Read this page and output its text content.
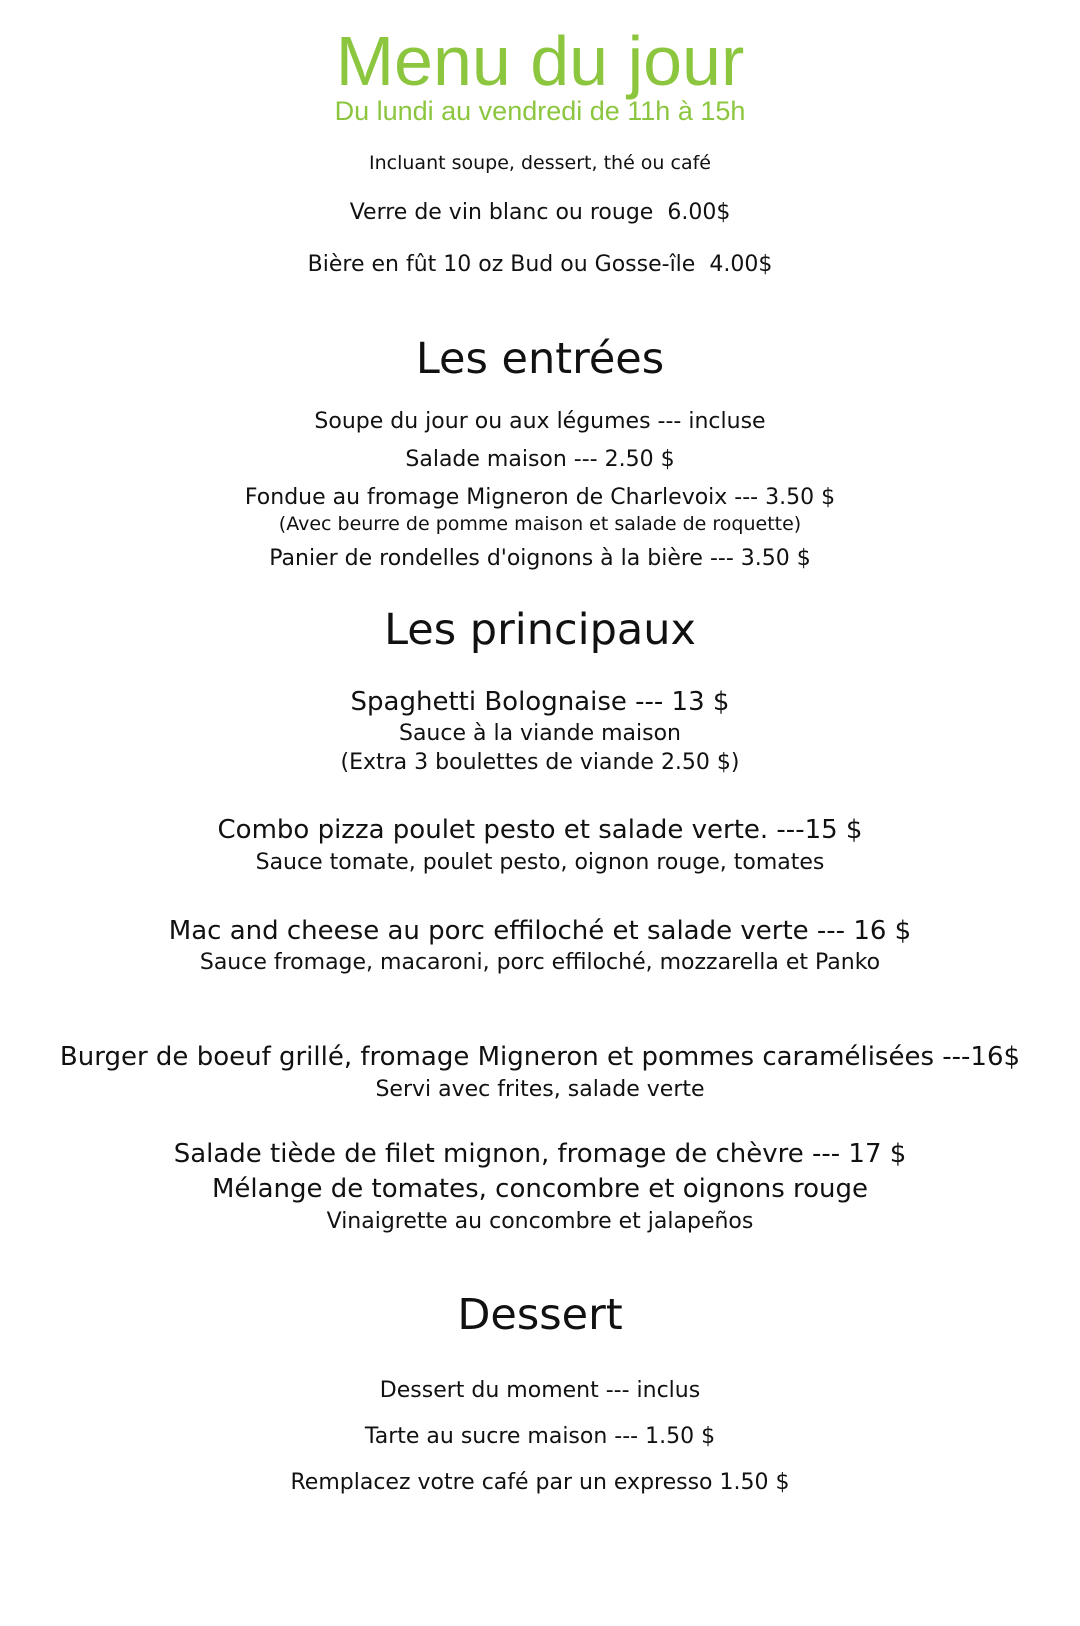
Menu du jour
Du lundi au vendredi de 11h à 15h
Incluant soupe, dessert, thé ou café
Verre de vin blanc ou rouge 6.00$
Bière en fût 10 oz Bud ou Gosse-île 4.00$
Les entrées
Soupe du jour ou aux légumes --- incluse
Salade maison --- 2.50 $
Fondue au fromage Migneron de Charlevoix --- 3.50 $
(Avec beurre de pomme maison et salade de roquette)
Panier de rondelles d'oignons à la bière --- 3.50 $
Les principaux
Spaghetti Bolognaise --- 13 $
Sauce à la viande maison
(Extra 3 boulettes de viande 2.50 $)
Combo pizza poulet pesto et salade verte. ---15 $
Sauce tomate, poulet pesto, oignon rouge, tomates
Mac and cheese au porc effiloché et salade verte --- 16 $
Sauce fromage, macaroni, porc effiloché, mozzarella et Panko
Burger de boeuf grillé, fromage Migneron et pommes caramélisées ---16$
Servi avec frites, salade verte
Salade tiède de filet mignon, fromage de chèvre --- 17 $
Mélange de tomates, concombre et oignons rouge
Vinaigrette au concombre et jalapeños
Dessert
Dessert du moment --- inclus
Tarte au sucre maison --- 1.50 $
Remplacez votre café par un expresso 1.50 $
